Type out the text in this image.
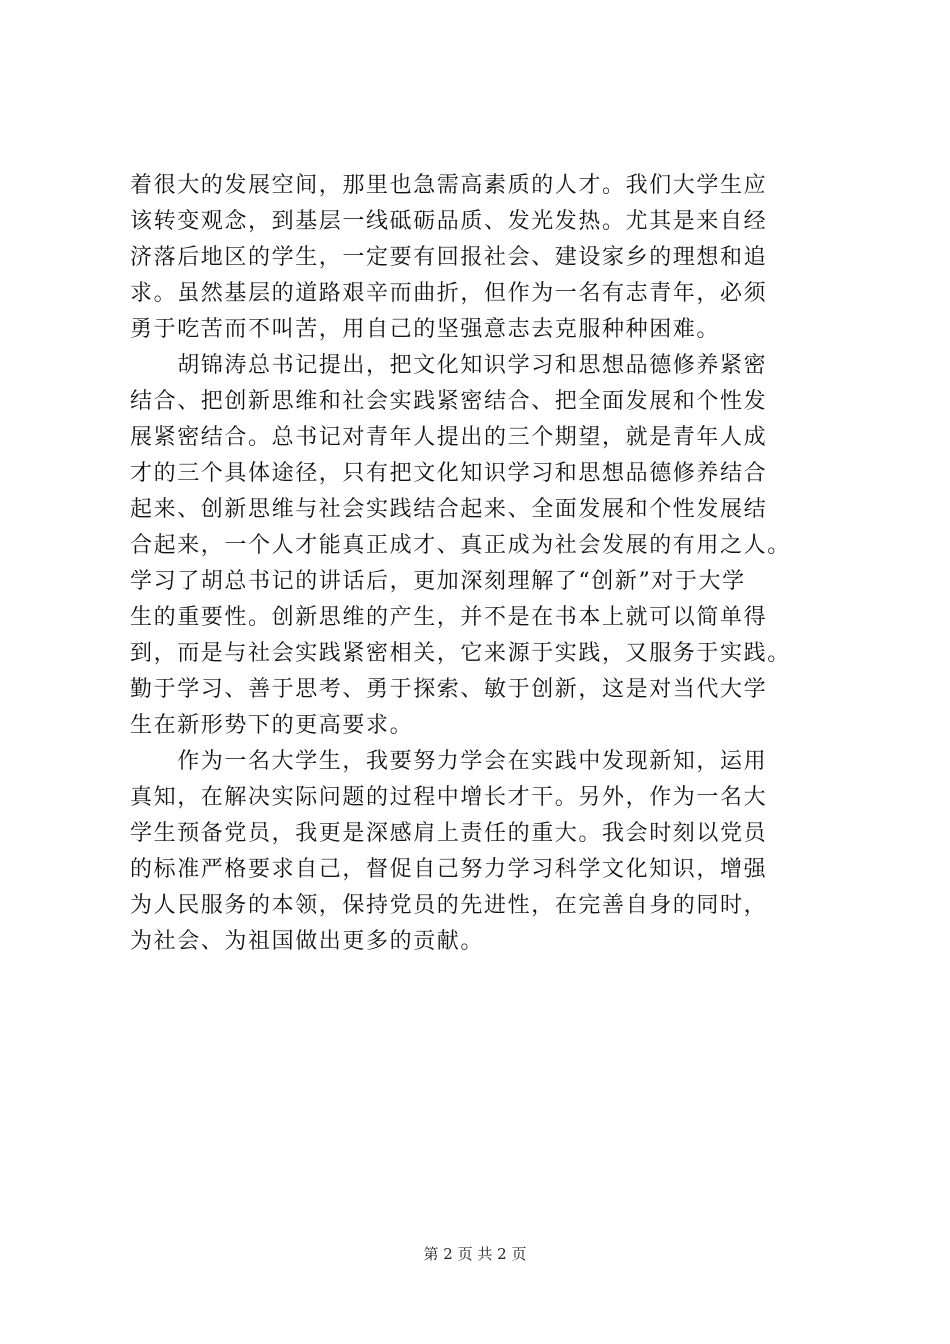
着很大的发展空间，那里也急需高素质的人才。我们大学生应
该转变观念，到基层一线砥砺品质、发光发热。尤其是来自经
济落后地区的学生，一定要有回报社会、建设家乡的理想和追
求。虽然基层的道路艰辛而曲折，但作为一名有志青年，必须
勇于吃苦而不叫苦，用自己的坚强意志去克服种种困难。
　　胡锦涛总书记提出，把文化知识学习和思想品德修养紧密
结合、把创新思维和社会实践紧密结合、把全面发展和个性发
展紧密结合。总书记对青年人提出的三个期望，就是青年人成
才的三个具体途径，只有把文化知识学习和思想品德修养结合
起来、创新思维与社会实践结合起来、全面发展和个性发展结
合起来，一个人才能真正成才、真正成为社会发展的有用之人。
学习了胡总书记的讲话后，更加深刻理解了“创新”对于大学
生的重要性。创新思维的产生，并不是在书本上就可以简单得
到，而是与社会实践紧密相关，它来源于实践，又服务于实践。
勤于学习、善于思考、勇于探索、敏于创新，这是对当代大学
生在新形势下的更高要求。
　　作为一名大学生，我要努力学会在实践中发现新知，运用
真知，在解决实际问题的过程中增长才干。另外，作为一名大
学生预备党员，我更是深感肩上责任的重大。我会时刻以党员
的标准严格要求自己，督促自己努力学习科学文化知识，增强
为人民服务的本领，保持党员的先进性，在完善自身的同时，
为社会、为祖国做出更多的贡献。
第 2 页 共 2 页
